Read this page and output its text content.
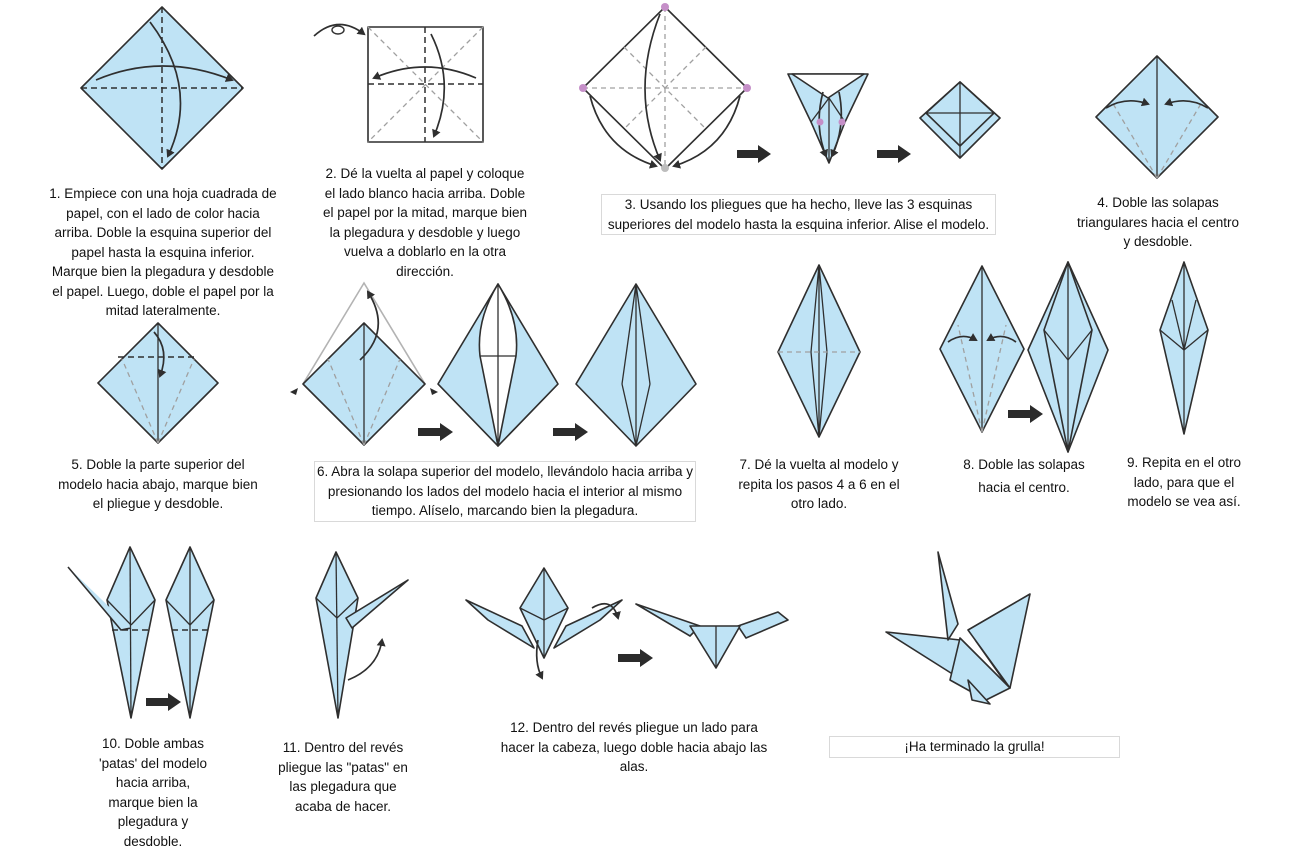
1. Empiece con una hoja cuadrada de papel, con el lado de color hacia arriba. Doble la esquina superior del papel hasta la esquina inferior. Marque bien la plegadura y desdoble el papel. Luego, doble el papel por la mitad lateralmente.

2. Dé la vuelta al papel y coloque el lado blanco hacia arriba. Doble el papel por la mitad, marque bien la plegadura y desdoble y luego vuelva a doblarlo en la otra dirección.

3. Usando los pliegues que ha hecho, lleve las 3 esquinas superiores del modelo hasta la esquina inferior. Alise el modelo.

4. Doble las solapas triangulares hacia el centro y desdoble.

5. Doble la parte superior del modelo hacia abajo, marque bien el pliegue y desdoble.

6. Abra la solapa superior del modelo, llevándolo hacia arriba y presionando los lados del modelo hacia el interior al mismo tiempo. Alíselo, marcando bien la plegadura.

7. Dé la vuelta al modelo y repita los pasos 4 a 6 en el otro lado.

8. Doble las solapas hacia el centro.

9. Repita en el otro lado, para que el modelo se vea así.

10. Doble ambas 'patas' del modelo hacia arriba, marque bien la plegadura y desdoble.

11. Dentro del revés pliegue las "patas" en las plegadura que acaba de hacer.

12. Dentro del revés pliegue un lado para hacer la cabeza, luego doble hacia abajo las alas.

¡Ha terminado la grulla!
